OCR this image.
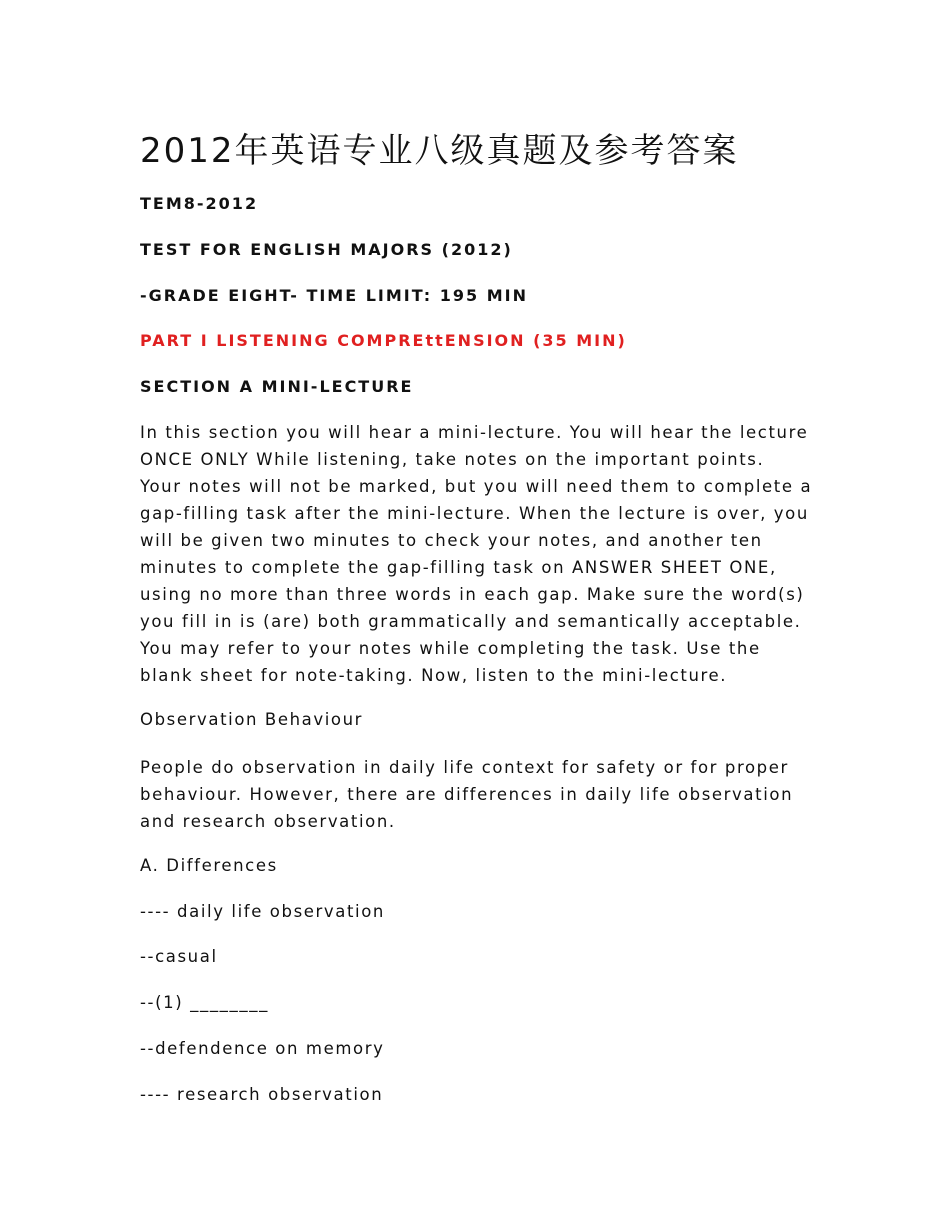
2012年英语专业八级真题及参考答案

TEM8-2012

TEST FOR ENGLISH MAJORS (2012)

-GRADE EIGHT- TIME LIMIT: 195 MIN

PART I LISTENING COMPREttENSION (35 MIN)

SECTION A MINI-LECTURE

In this section you will hear a mini-lecture. You will hear the lecture
ONCE ONLY While listening, take notes on the important points.
Your notes will not be marked, but you will need them to complete a
gap-filling task after the mini-lecture. When the lecture is over, you
will be given two minutes to check your notes, and another ten
minutes to complete the gap-filling task on ANSWER SHEET ONE,
using no more than three words in each gap. Make sure the word(s)
you fill in is (are) both grammatically and semantically acceptable.
You may refer to your notes while completing the task. Use the
blank sheet for note-taking. Now, listen to the mini-lecture.

Observation Behaviour

People do observation in daily life context for safety or for proper
behaviour. However, there are differences in daily life observation
and research observation.

A. Differences

---- daily life observation

--casual

--(1) ________

--defendence on memory

---- research observation
